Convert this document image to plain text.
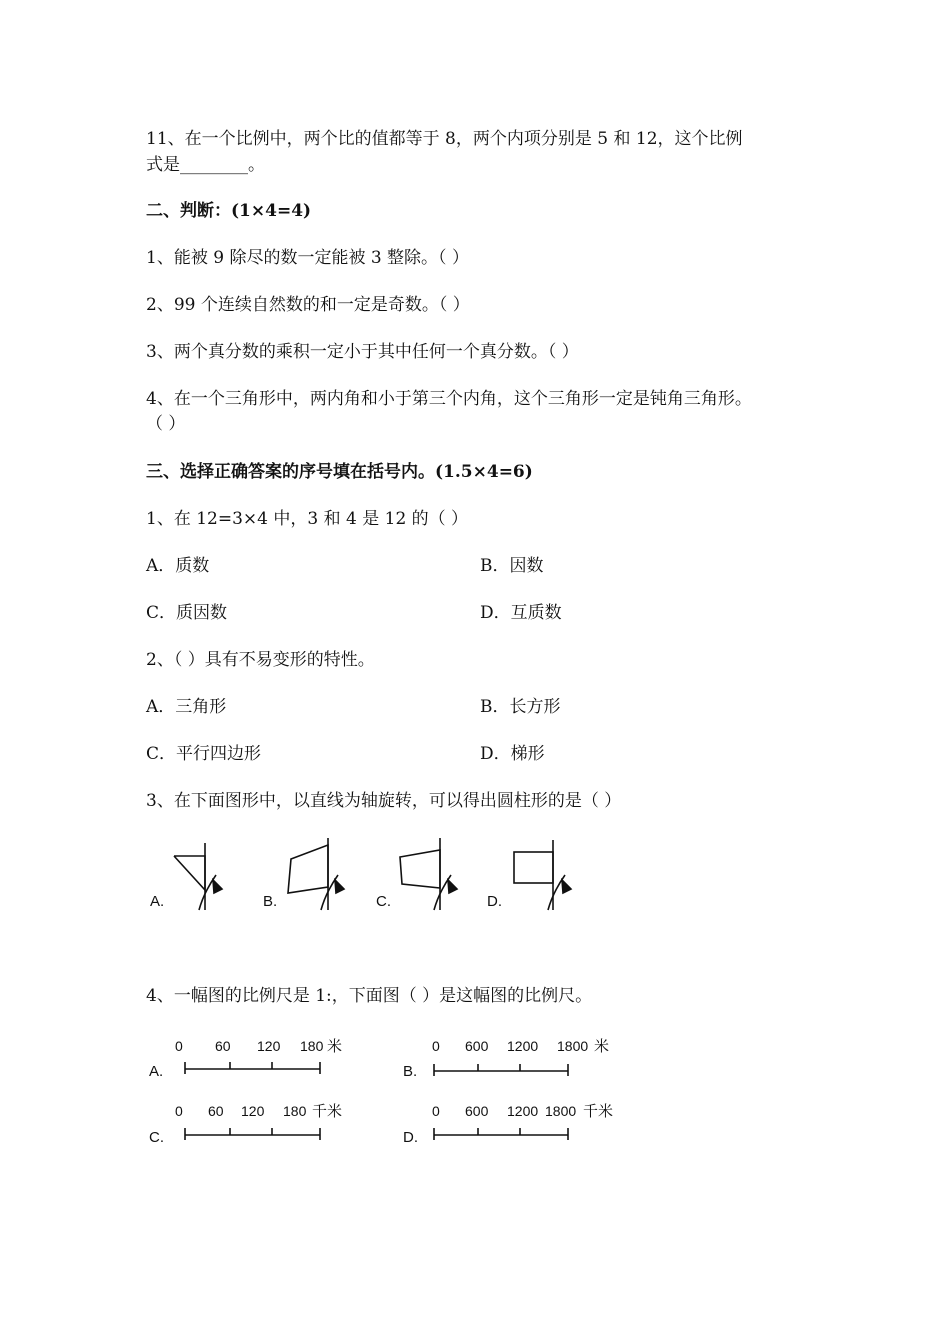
11、在一个比例中，两个比的值都等于 8，两个内项分别是 5 和 12，这个比例
式是________。
二、判断：(1×4=4)
1、能被 9 除尽的数一定能被 3 整除。（ ）
2、99 个连续自然数的和一定是奇数。（ ）
3、两个真分数的乘积一定小于其中任何一个真分数。（ ）
4、在一个三角形中，两内角和小于第三个内角，这个三角形一定是钝角三角形。
（ ）
三、选择正确答案的序号填在括号内。(1.5×4=6)
1、在 12=3×4 中，3 和 4 是 12 的（ ）
A．质数	B．因数
C．质因数	D．互质数
2、（ ）具有不易变形的特性。
A．三角形	B．长方形
C．平行四边形	D．梯形
3、在下面图形中，以直线为轴旋转，可以得出圆柱形的是（ ）
A.	B.	C.	D.
A.
0 60 120 180 米
B.
0 600 1200 1800 米
C.
0 60 120 180 千米
D.
0 600 1200 1800 千米
4、一幅图的比例尺是 1:，下面图（ ）是这幅图的比例尺。
